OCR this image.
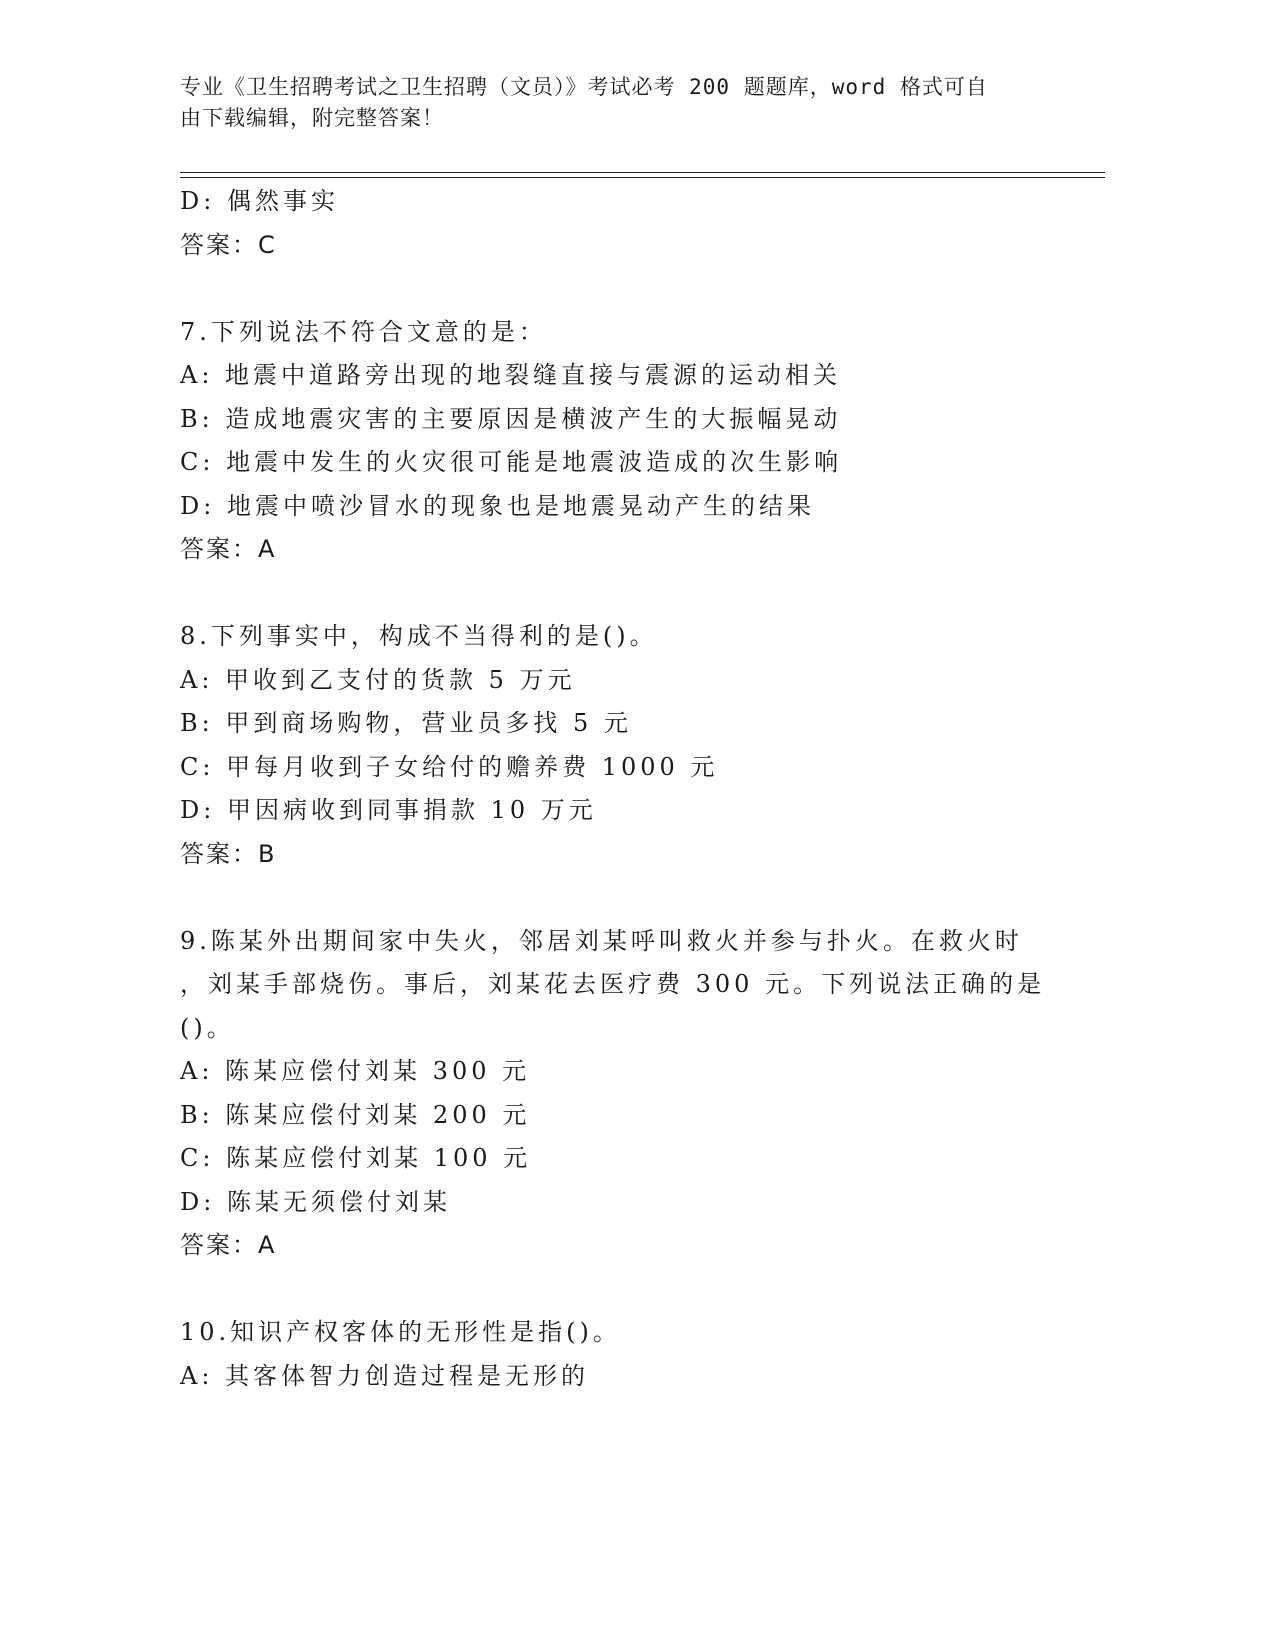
专业《卫生招聘考试之卫生招聘（文员）》考试必考 200 题题库，word 格式可自
由下载编辑，附完整答案！
D: 偶然事实
答案：C
7.下列说法不符合文意的是：
A: 地震中道路旁出现的地裂缝直接与震源的运动相关
B: 造成地震灾害的主要原因是横波产生的大振幅晃动
C: 地震中发生的火灾很可能是地震波造成的次生影响
D: 地震中喷沙冒水的现象也是地震晃动产生的结果
答案：A
8.下列事实中，构成不当得利的是()。
A: 甲收到乙支付的货款 5 万元
B: 甲到商场购物，营业员多找 5 元
C: 甲每月收到子女给付的赡养费 1000 元
D: 甲因病收到同事捐款 10 万元
答案：B
9.陈某外出期间家中失火，邻居刘某呼叫救火并参与扑火。在救火时
，刘某手部烧伤。事后，刘某花去医疗费 300 元。下列说法正确的是
()。
A: 陈某应偿付刘某 300 元
B: 陈某应偿付刘某 200 元
C: 陈某应偿付刘某 100 元
D: 陈某无须偿付刘某
答案：A
10.知识产权客体的无形性是指()。
A: 其客体智力创造过程是无形的
